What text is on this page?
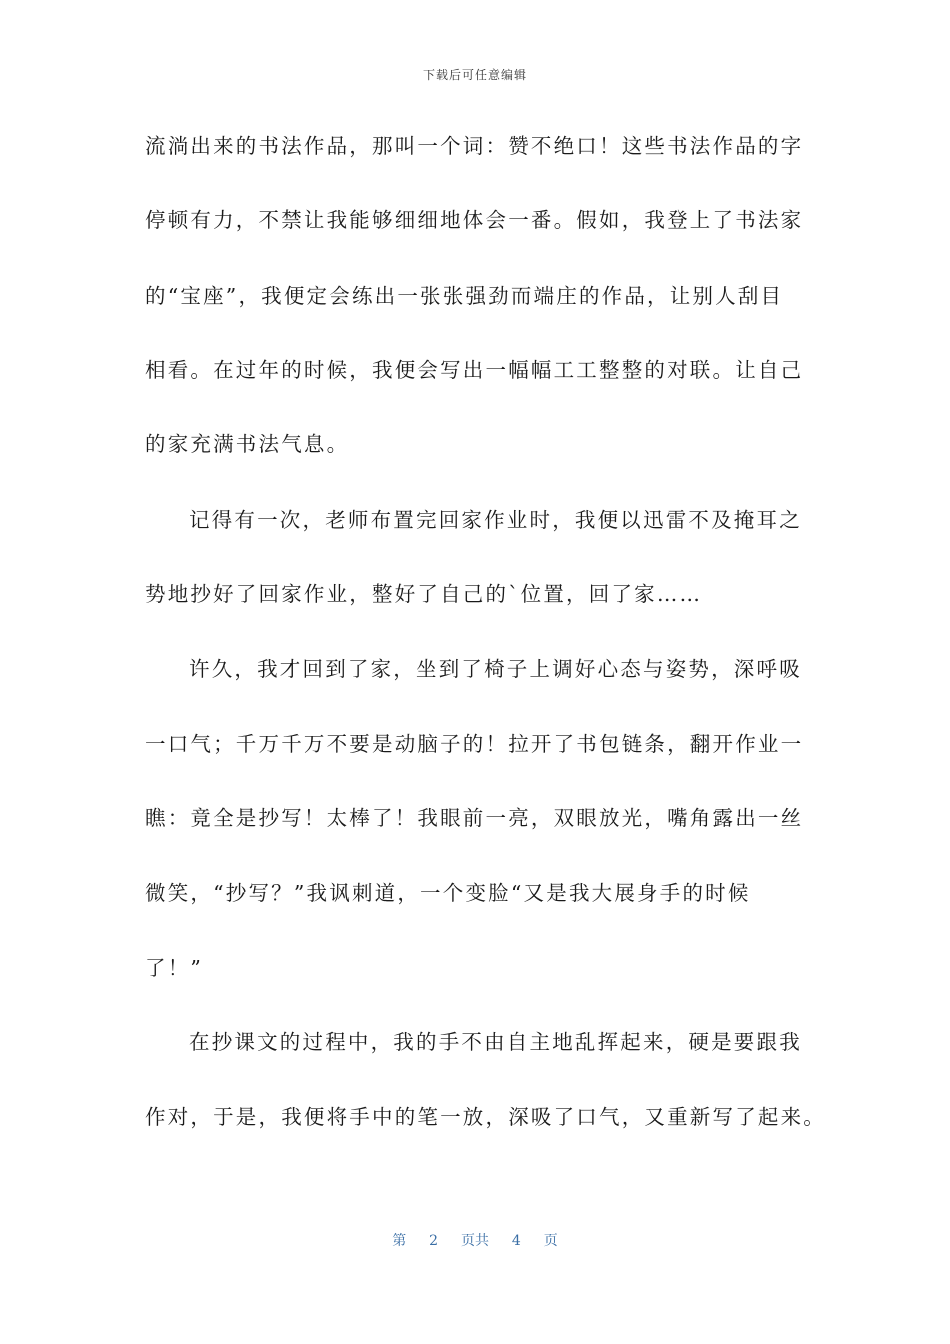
下载后可任意编辑
流淌出来的书法作品，那叫一个词：赞不绝口！这些书法作品的字
停顿有力，不禁让我能够细细地体会一番。假如，我登上了书法家
的“宝座”，我便定会练出一张张强劲而端庄的作品，让别人刮目
相看。在过年的时候，我便会写出一幅幅工工整整的对联。让自己
的家充满书法气息。
记得有一次，老师布置完回家作业时，我便以迅雷不及掩耳之
势地抄好了回家作业，整好了自己的`位置，回了家……
许久，我才回到了家，坐到了椅子上调好心态与姿势，深呼吸
一口气；千万千万不要是动脑子的！拉开了书包链条，翻开作业一
瞧：竟全是抄写！太棒了！我眼前一亮，双眼放光，嘴角露出一丝
微笑，“抄写？”我讽刺道，一个变脸“又是我大展身手的时候
了！”
在抄课文的过程中，我的手不由自主地乱挥起来，硬是要跟我
作对，于是，我便将手中的笔一放，深吸了口气，又重新写了起来。
第 2 页共 4 页
